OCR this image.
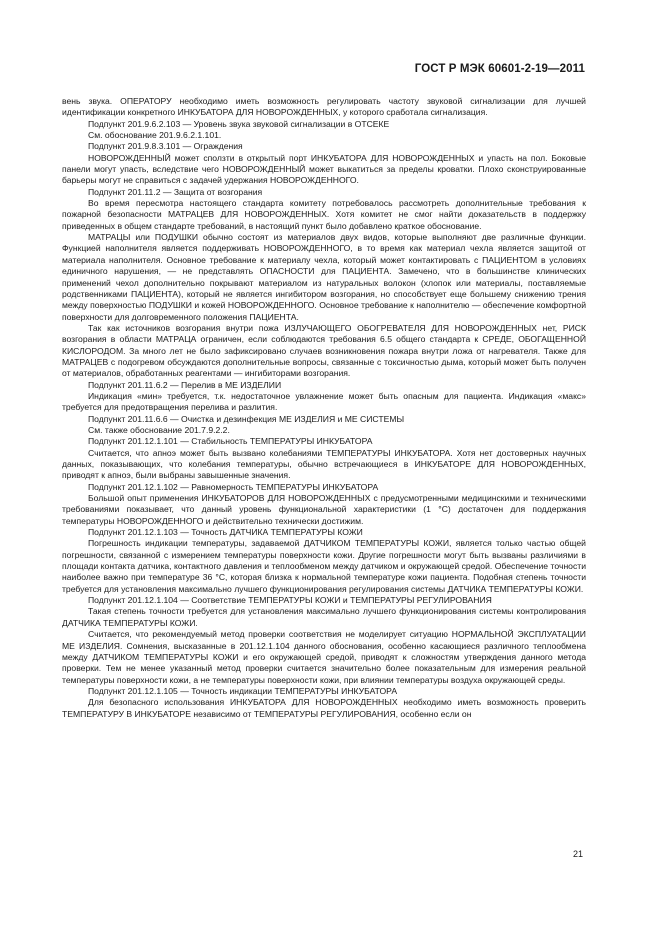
ГОСТ Р МЭК 60601-2-19—2011

вень звука. ОПЕРАТОРУ необходимо иметь возможность регулировать частоту звуковой сигнализации для лучшей идентификации конкретного ИНКУБАТОРА ДЛЯ НОВОРОЖДЕННЫХ, у которого сработала сигнализация.

Подпункт 201.9.6.2.103 — Уровень звука звуковой сигнализации в ОТСЕКЕ

См. обоснование 201.9.6.2.1.101.

Подпункт 201.9.8.3.101 — Ограждения

НОВОРОЖДЕННЫЙ может сползти в открытый порт ИНКУБАТОРА ДЛЯ НОВОРОЖДЕННЫХ и упасть на пол. Боковые панели могут упасть, вследствие чего НОВОРОЖДЕННЫЙ может выкатиться за пределы кроватки. Плохо сконструированные барьеры могут не справиться с задачей удержания НОВОРОЖДЕННОГО.

Подпункт 201.11.2 — Защита от возгорания

Во время пересмотра настоящего стандарта комитету потребовалось рассмотреть дополнительные требования к пожарной безопасности МАТРАЦЕВ ДЛЯ НОВОРОЖДЕННЫХ. Хотя комитет не смог найти доказательств в поддержку приведенных в общем стандарте требований, в настоящий пункт было добавлено краткое обоснование.

МАТРАЦЫ или ПОДУШКИ обычно состоят из материалов двух видов, которые выполняют две различные функции. Функцией наполнителя является поддерживать НОВОРОЖДЕННОГО, в то время как материал чехла является защитой от материала наполнителя. Основное требование к материалу чехла, который может контактировать с ПАЦИЕНТОМ в условиях единичного нарушения, — не представлять ОПАСНОСТИ для ПАЦИЕНТА. Замечено, что в большинстве клинических применений чехол дополнительно покрывают материалом из натуральных волокон (хлопок или материалы, поставляемые родственниками ПАЦИЕНТА), который не является ингибитором возгорания, но способствует еще большему снижению трения между поверхностью ПОДУШКИ и кожей НОВОРОЖДЕННОГО. Основное требование к наполнителю — обеспечение комфортной поверхности для долговременного положения ПАЦИЕНТА.

Так как источников возгорания внутри пожа ИЗЛУЧАЮЩЕГО ОБОГРЕВАТЕЛЯ ДЛЯ НОВОРОЖДЕННЫХ нет, РИСК возгорания в области МАТРАЦА ограничен, если соблюдаются требования 6.5 общего стандарта к СРЕДЕ, ОБОГАЩЕННОЙ КИСЛОРОДОМ. За много лет не было зафиксировано случаев возникновения пожара внутри ложа от нагревателя. Также для МАТРАЦЕВ с подогревом обсуждаются дополнительные вопросы, связанные с токсичностью дыма, который может быть получен от материалов, обработанных реагентами — ингибиторами возгорания.

Подпункт 201.11.6.2 — Перелив в МЕ ИЗДЕЛИИ

Индикация «мин» требуется, т.к. недостаточное увлажнение может быть опасным для пациента. Индикация «макс» требуется для предотвращения перелива и разлития.

Подпункт 201.11.6.6 — Очистка и дезинфекция МЕ ИЗДЕЛИЯ и МЕ СИСТЕМЫ

См. также обоснование 201.7.9.2.2.

Подпункт 201.12.1.101 — Стабильность ТЕМПЕРАТУРЫ ИНКУБАТОРА

Считается, что апноэ может быть вызвано колебаниями ТЕМПЕРАТУРЫ ИНКУБАТОРА. Хотя нет достоверных научных данных, показывающих, что колебания температуры, обычно встречающиеся в ИНКУБАТОРЕ ДЛЯ НОВОРОЖДЕННЫХ, приводят к апноэ, были выбраны завышенные значения.

Подпункт 201.12.1.102 — Равномерность ТЕМПЕРАТУРЫ ИНКУБАТОРА

Большой опыт применения ИНКУБАТОРОВ ДЛЯ НОВОРОЖДЕННЫХ с предусмотренными медицинскими и техническими требованиями показывает, что данный уровень функциональной характеристики (1 °С) достаточен для поддержания температуры НОВОРОЖДЕННОГО и действительно технически достижим.

Подпункт 201.12.1.103 — Точность ДАТЧИКА ТЕМПЕРАТУРЫ КОЖИ

Погрешность индикации температуры, задаваемой ДАТЧИКОМ ТЕМПЕРАТУРЫ КОЖИ, является только частью общей погрешности, связанной с измерением температуры поверхности кожи. Другие погрешности могут быть вызваны различиями в площади контакта датчика, контактного давления и теплообменом между датчиком и окружающей средой. Обеспечение точности наиболее важно при температуре 36 °С, которая близка к нормальной температуре кожи пациента. Подобная степень точности требуется для установления максимально лучшего функционирования регулирования системы ДАТЧИКА ТЕМПЕРАТУРЫ КОЖИ.

Подпункт 201.12.1.104 — Соответствие ТЕМПЕРАТУРЫ КОЖИ и ТЕМПЕРАТУРЫ РЕГУЛИРОВАНИЯ

Такая степень точности требуется для установления максимально лучшего функционирования системы контролирования ДАТЧИКА ТЕМПЕРАТУРЫ КОЖИ.

Считается, что рекомендуемый метод проверки соответствия не моделирует ситуацию НОРМАЛЬНОЙ ЭКСПЛУАТАЦИИ МЕ ИЗДЕЛИЯ. Сомнения, высказанные в 201.12.1.104 данного обоснования, особенно касающиеся различного теплообмена между ДАТЧИКОМ ТЕМПЕРАТУРЫ КОЖИ и его окружающей средой, приводят к сложностям утверждения данного метода проверки. Тем не менее указанный метод проверки считается значительно более показательным для измерения реальной температуры поверхности кожи, а не температуры поверхности кожи, при влиянии температуры воздуха окружающей среды.

Подпункт 201.12.1.105 — Точность индикации ТЕМПЕРАТУРЫ ИНКУБАТОРА

Для безопасного использования ИНКУБАТОРА ДЛЯ НОВОРОЖДЕННЫХ необходимо иметь возможность проверить ТЕМПЕРАТУРУ В ИНКУБАТОРЕ независимо от ТЕМПЕРАТУРЫ РЕГУЛИРОВАНИЯ, особенно если он

21
